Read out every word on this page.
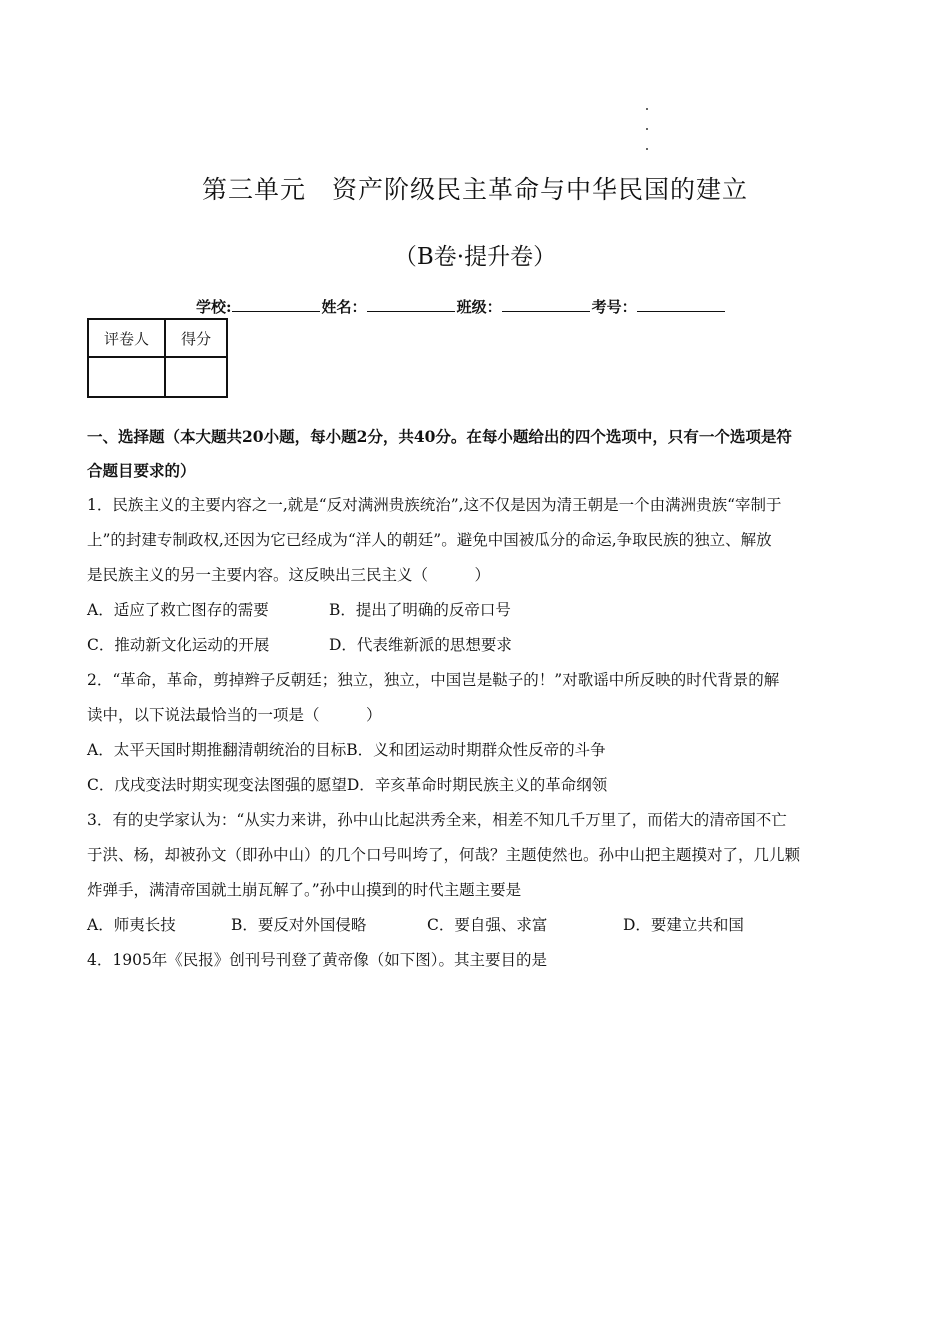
第三单元　资产阶级民主革命与中华民国的建立
（B卷·提升卷）
学校:	姓名：	班级：	考号：
评卷人	得分

一、选择题（本大题共20小题，每小题2分，共40分。在每小题给出的四个选项中，只有一个选项是符
合题目要求的）
1．民族主义的主要内容之一,就是“反对满洲贵族统治”,这不仅是因为清王朝是一个由满洲贵族“宰制于
上”的封建专制政权,还因为它已经成为“洋人的朝廷”。避免中国被瓜分的命运,争取民族的独立、解放
是民族主义的另一主要内容。这反映出三民主义（　　　）
A．适应了救亡图存的需要	B．提出了明确的反帝口号
C．推动新文化运动的开展	D．代表维新派的思想要求
2．“革命，革命，剪掉辫子反朝廷；独立，独立，中国岂是鞑子的！”对歌谣中所反映的时代背景的解
读中，以下说法最恰当的一项是（　　　）
A．太平天国时期推翻清朝统治的目标B．义和团运动时期群众性反帝的斗争
C．戊戌变法时期实现变法图强的愿望D．辛亥革命时期民族主义的革命纲领
3．有的史学家认为：“从实力来讲，孙中山比起洪秀全来，相差不知几千万里了，而偌大的清帝国不亡
于洪、杨，却被孙文（即孙中山）的几个口号叫垮了，何哉？主题使然也。孙中山把主题摸对了，几儿颗
炸弹手，满清帝国就土崩瓦解了。”孙中山摸到的时代主题主要是
A．师夷长技	B．要反对外国侵略	C．要自强、求富	D．要建立共和国
4．1905年《民报》创刊号刊登了黄帝像（如下图）。其主要目的是
